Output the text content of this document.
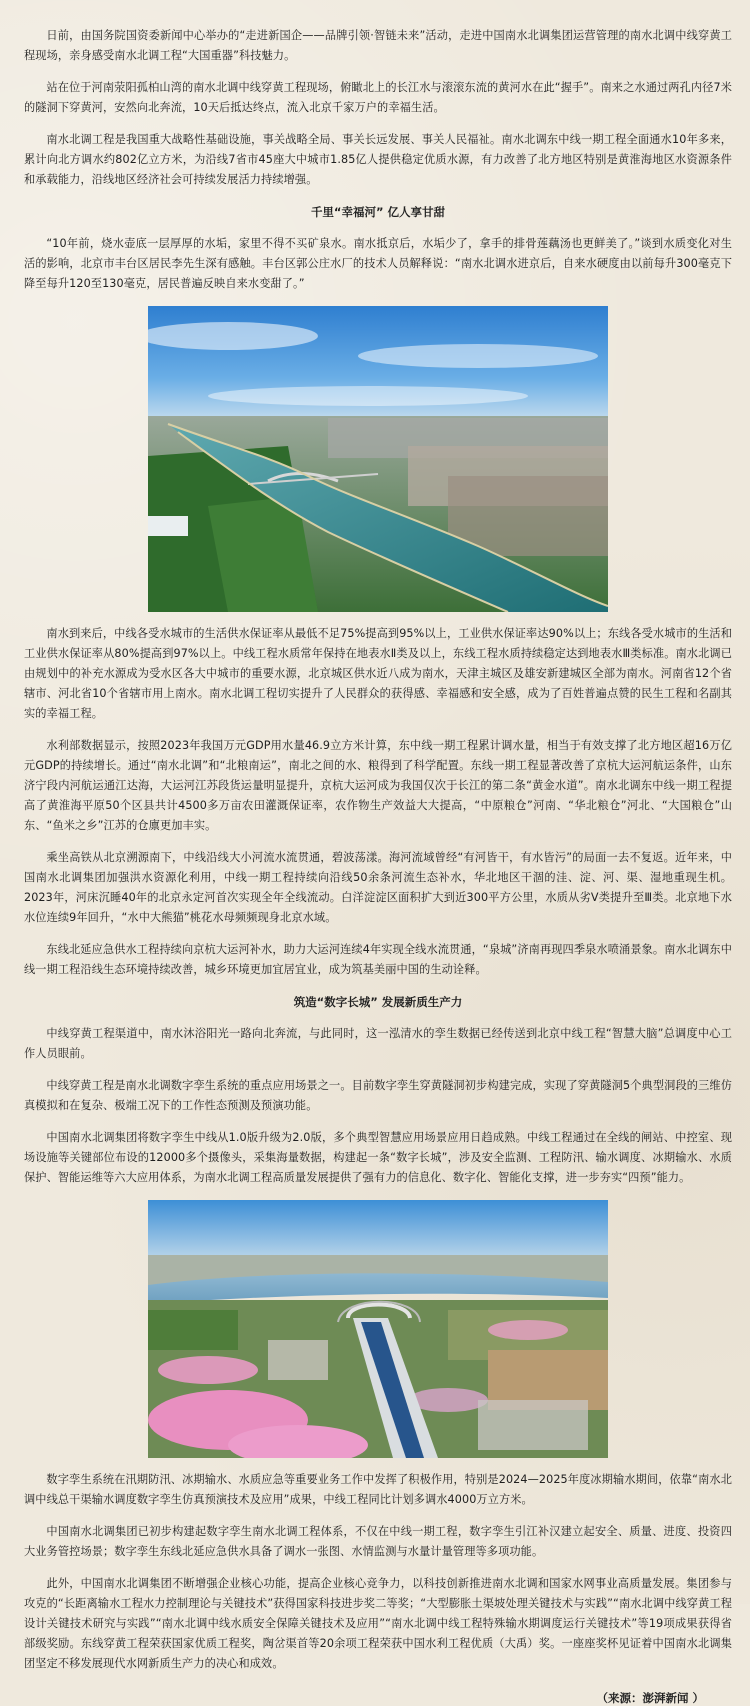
日前，由国务院国资委新闻中心举办的“走进新国企——品牌引领·智链未来”活动，走进中国南水北调集团运营管理的南水北调中线穿黄工程现场，亲身感受南水北调工程“大国重器”科技魅力。

站在位于河南荥阳孤柏山湾的南水北调中线穿黄工程现场，俯瞰北上的长江水与滚滚东流的黄河水在此“握手”。南来之水通过两孔内径7米的隧洞下穿黄河，安然向北奔流，10天后抵达终点，流入北京千家万户的幸福生活。

南水北调工程是我国重大战略性基础设施，事关战略全局、事关长远发展、事关人民福祉。南水北调东中线一期工程全面通水10年多来，累计向北方调水约802亿立方米，为沿线7省市45座大中城市1.85亿人提供稳定优质水源，有力改善了北方地区特别是黄淮海地区水资源条件和承载能力，沿线地区经济社会可持续发展活力持续增强。

千里“幸福河” 亿人享甘甜

“10年前，烧水壶底一层厚厚的水垢，家里不得不买矿泉水。南水抵京后，水垢少了，拿手的排骨莲藕汤也更鲜美了。”谈到水质变化对生活的影响，北京市丰台区居民李先生深有感触。丰台区郭公庄水厂的技术人员解释说：“南水北调水进京后，自来水硬度由以前每升300毫克下降至每升120至130毫克，居民普遍反映自来水变甜了。”

南水到来后，中线各受水城市的生活供水保证率从最低不足75%提高到95%以上，工业供水保证率达90%以上；东线各受水城市的生活和工业供水保证率从80%提高到97%以上。中线工程水质常年保持在地表水Ⅱ类及以上，东线工程水质持续稳定达到地表水Ⅲ类标准。南水北调已由规划中的补充水源成为受水区各大中城市的重要水源，北京城区供水近八成为南水，天津主城区及雄安新建城区全部为南水。河南省12个省辖市、河北省10个省辖市用上南水。南水北调工程切实提升了人民群众的获得感、幸福感和安全感，成为了百姓普遍点赞的民生工程和名副其实的幸福工程。

水利部数据显示，按照2023年我国万元GDP用水量46.9立方米计算，东中线一期工程累计调水量，相当于有效支撑了北方地区超16万亿元GDP的持续增长。通过“南水北调”和“北粮南运”，南北之间的水、粮得到了科学配置。东线一期工程显著改善了京杭大运河航运条件，山东济宁段内河航运通江达海，大运河江苏段货运量明显提升，京杭大运河成为我国仅次于长江的第二条“黄金水道”。南水北调东中线一期工程提高了黄淮海平原50个区县共计4500多万亩农田灌溉保证率，农作物生产效益大大提高，“中原粮仓”河南、“华北粮仓”河北、“大国粮仓”山东、“鱼米之乡”江苏的仓廪更加丰实。

乘坐高铁从北京溯源南下，中线沿线大小河流水流贯通，碧波荡漾。海河流域曾经“有河皆干，有水皆污”的局面一去不复返。近年来，中国南水北调集团加强洪水资源化利用，中线一期工程持续向沿线50余条河流生态补水，华北地区干涸的洼、淀、河、渠、湿地重现生机。2023年，河床沉睡40年的北京永定河首次实现全年全线流动。白洋淀淀区面积扩大到近300平方公里，水质从劣Ⅴ类提升至Ⅲ类。北京地下水水位连续9年回升，“水中大熊猫”桃花水母频频现身北京水域。

东线北延应急供水工程持续向京杭大运河补水，助力大运河连续4年实现全线水流贯通，“泉城”济南再现四季泉水喷涌景象。南水北调东中线一期工程沿线生态环境持续改善，城乡环境更加宜居宜业，成为筑基美丽中国的生动诠释。

筑造“数字长城” 发展新质生产力

中线穿黄工程渠道中，南水沐浴阳光一路向北奔流，与此同时，这一泓清水的孪生数据已经传送到北京中线工程“智慧大脑”总调度中心工作人员眼前。

中线穿黄工程是南水北调数字孪生系统的重点应用场景之一。目前数字孪生穿黄隧洞初步构建完成，实现了穿黄隧洞5个典型洞段的三维仿真模拟和在复杂、极端工况下的工作性态预测及预演功能。

中国南水北调集团将数字孪生中线从1.0版升级为2.0版，多个典型智慧应用场景应用日趋成熟。中线工程通过在全线的闸站、中控室、现场设施等关键部位布设的12000多个摄像头，采集海量数据，构建起一条“数字长城”，涉及安全监测、工程防汛、输水调度、冰期输水、水质保护、智能运维等六大应用体系，为南水北调工程高质量发展提供了强有力的信息化、数字化、智能化支撑，进一步夯实“四预”能力。

数字孪生系统在汛期防汛、冰期输水、水质应急等重要业务工作中发挥了积极作用，特别是2024—2025年度冰期输水期间，依靠“南水北调中线总干渠输水调度数字孪生仿真预演技术及应用”成果，中线工程同比计划多调水4000万立方米。

中国南水北调集团已初步构建起数字孪生南水北调工程体系，不仅在中线一期工程，数字孪生引江补汉建立起安全、质量、进度、投资四大业务管控场景；数字孪生东线北延应急供水具备了调水一张图、水情监测与水量计量管理等多项功能。

此外，中国南水北调集团不断增强企业核心功能，提高企业核心竞争力，以科技创新推进南水北调和国家水网事业高质量发展。集团参与攻克的“长距离输水工程水力控制理论与关键技术”获得国家科技进步奖二等奖；“大型膨胀土渠坡处理关键技术与实践”“南水北调中线穿黄工程设计关键技术研究与实践”“南水北调中线水质安全保障关键技术及应用”“南水北调中线工程特殊输水期调度运行关键技术”等19项成果获得省部级奖励。东线穿黄工程荣获国家优质工程奖，陶岔渠首等20余项工程荣获中国水利工程优质（大禹）奖。一座座奖杯见证着中国南水北调集团坚定不移发展现代水网新质生产力的决心和成效。

（来源：澎湃新闻 ）
